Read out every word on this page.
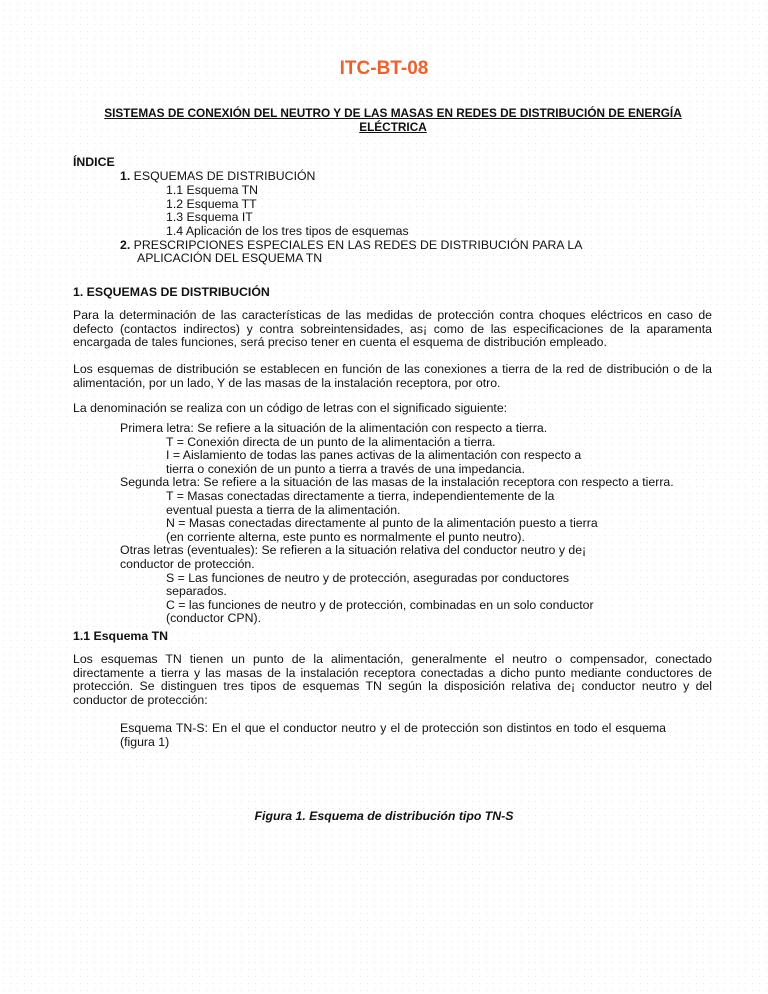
ITC-BT-08
SISTEMAS DE CONEXIÓN DEL NEUTRO Y DE LAS MASAS EN REDES DE DISTRIBUCIÓN DE ENERGÍA ELÉCTRICA
ÍNDICE
1. ESQUEMAS DE DISTRIBUCIÓN
1.1 Esquema TN
1.2 Esquema TT
1.3 Esquema IT
1.4 Aplicación de los tres tipos de esquemas
2. PRESCRIPCIONES ESPECIALES EN LAS REDES DE DISTRIBUCIÓN PARA LA
APLICACIÓN DEL ESQUEMA TN
1. ESQUEMAS DE DISTRIBUCIÓN
Para la determinación de las características de las medidas de protección contra choques eléctricos en caso de defecto (contactos indirectos) y contra sobreintensidades, as¡ como de las especificaciones de la aparamenta encargada de tales funciones, será preciso tener en cuenta el esquema de distribución empleado.
Los esquemas de distribución se establecen en función de las conexiones a tierra de la red de distribución o de la alimentación, por un lado, Y de las masas de la instalación receptora, por otro.
La denominación se realiza con un código de letras con el significado siguiente:
Primera letra: Se refiere a la situación de la alimentación con respecto a tierra.
T = Conexión directa de un punto de la alimentación a tierra.
I = Aislamiento de todas las panes activas de la alimentación con respecto a
tierra o conexión de un punto a tierra a través de una impedancia.
Segunda letra: Se refiere a la situación de las masas de la instalación receptora con respecto a tierra.
T = Masas conectadas directamente a tierra, independientemente de la
eventual puesta a tierra de la alimentación.
N = Masas conectadas directamente al punto de la alimentación puesto a tierra
(en corriente alterna, este punto es normalmente el punto neutro).
Otras letras (eventuales): Se refieren a la situación relativa del conductor neutro y de¡
conductor de protección.
S = Las funciones de neutro y de protección, aseguradas por conductores
separados.
C = las funciones de neutro y de protección, combinadas en un solo conductor
(conductor CPN).
1.1 Esquema TN
Los esquemas TN tienen un punto de la alimentación, generalmente el neutro o compensador, conectado directamente a tierra y las masas de la instalación receptora conectadas a dicho punto mediante conductores de protección. Se distinguen tres tipos de esquemas TN según la disposición relativa de¡ conductor neutro y del conductor de protección:
Esquema TN-S: En el que el conductor neutro y el de protección son distintos en todo el esquema (figura 1)
Figura 1. Esquema de distribución tipo TN-S
